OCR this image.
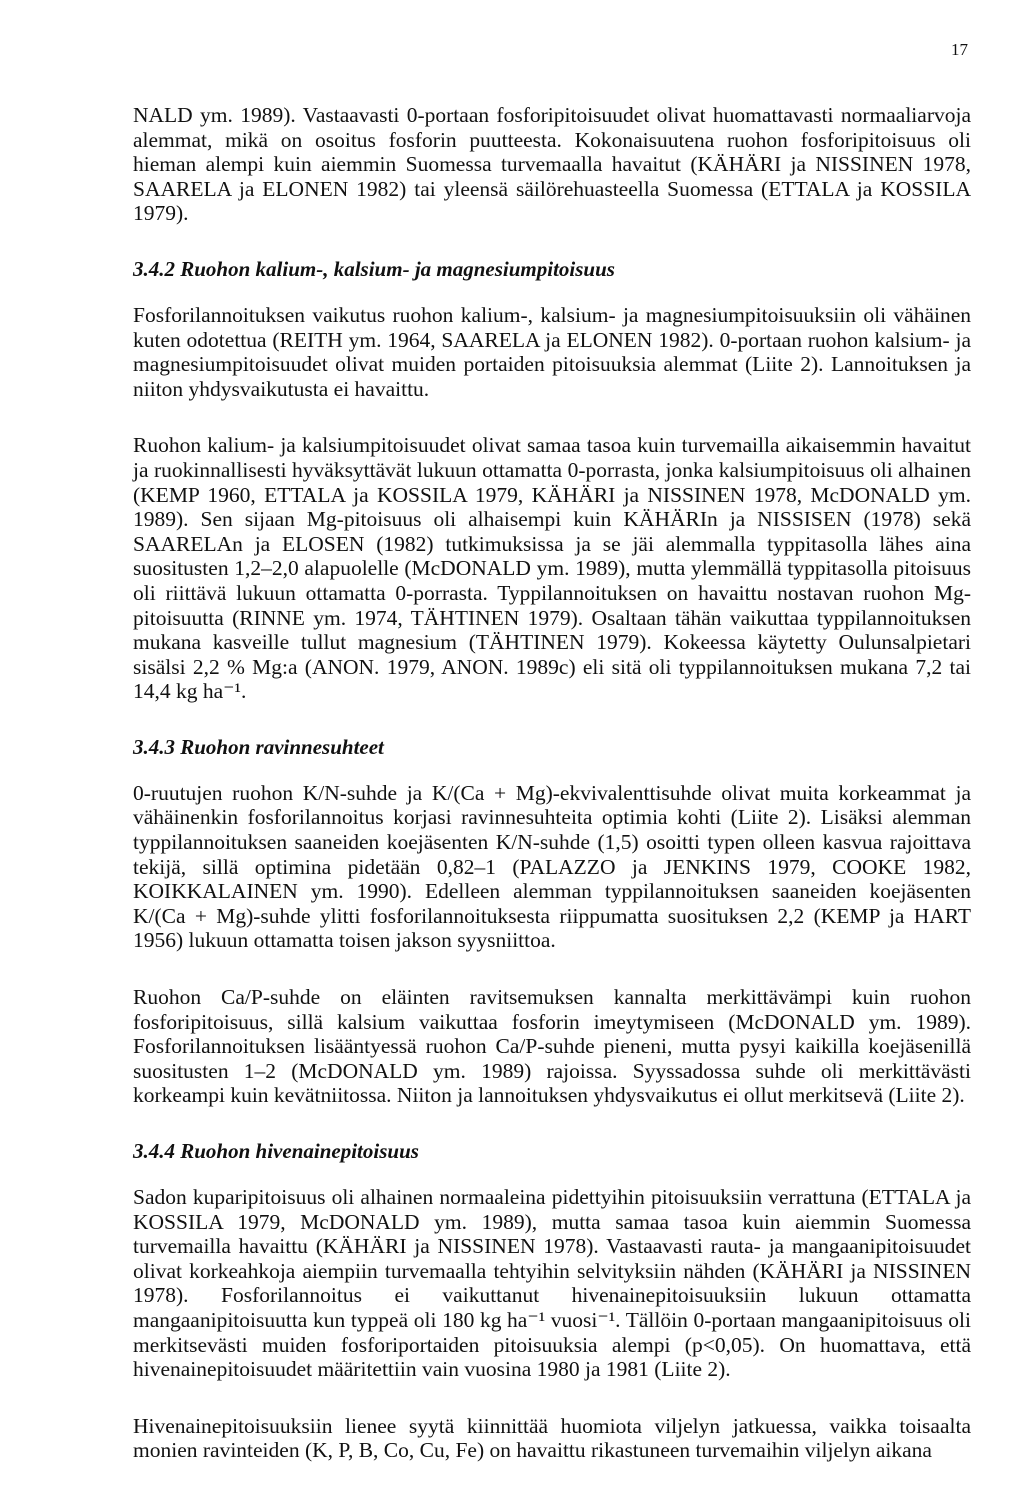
17

NALD ym. 1989). Vastaavasti 0-portaan fosforipitoisuudet olivat huomattavasti normaaliarvoja alemmat, mikä on osoitus fosforin puutteesta. Kokonaisuutena ruohon fosforipitoisuus oli hieman alempi kuin aiemmin Suomessa turvemaalla havaitut (KÄHÄRI ja NISSINEN 1978, SAARELA ja ELONEN 1982) tai yleensä säilörehuasteella Suomessa (ETTALA ja KOSSILA 1979).

3.4.2 Ruohon kalium-, kalsium- ja magnesiumpitoisuus

Fosforilannoituksen vaikutus ruohon kalium-, kalsium- ja magnesiumpitoisuuksiin oli vähäinen kuten odotettua (REITH ym. 1964, SAARELA ja ELONEN 1982). 0-portaan ruohon kalsium- ja magnesiumpitoisuudet olivat muiden portaiden pitoisuuksia alemmat (Liite 2). Lannoituksen ja niiton yhdysvaikutusta ei havaittu.

Ruohon kalium- ja kalsiumpitoisuudet olivat samaa tasoa kuin turvemailla aikaisemmin havaitut ja ruokinnallisesti hyväksyttävät lukuun ottamatta 0-porrasta, jonka kalsiumpitoisuus oli alhainen (KEMP 1960, ETTALA ja KOSSILA 1979, KÄHÄRI ja NISSINEN 1978, McDONALD ym. 1989). Sen sijaan Mg-pitoisuus oli alhaisempi kuin KÄHÄRIn ja NISSISEN (1978) sekä SAARELAn ja ELOSEN (1982) tutkimuksissa ja se jäi alemmalla typpitasolla lähes aina suositusten 1,2–2,0 alapuolelle (McDONALD ym. 1989), mutta ylemmällä typpitasolla pitoisuus oli riittävä lukuun ottamatta 0-porrasta. Typpilannoituksen on havaittu nostavan ruohon Mg-pitoisuutta (RINNE ym. 1974, TÄHTINEN 1979). Osaltaan tähän vaikuttaa typpilannoituksen mukana kasveille tullut magnesium (TÄHTINEN 1979). Kokeessa käytetty Oulunsalpietari sisälsi 2,2 % Mg:a (ANON. 1979, ANON. 1989c) eli sitä oli typpilannoituksen mukana 7,2 tai 14,4 kg ha⁻¹.

3.4.3 Ruohon ravinnesuhteet

0-ruutujen ruohon K/N-suhde ja K/(Ca + Mg)-ekvivalenttisuhde olivat muita korkeammat ja vähäinenkin fosforilannoitus korjasi ravinnesuhteita optimia kohti (Liite 2). Lisäksi alemman typpilannoituksen saaneiden koejäsenten K/N-suhde (1,5) osoitti typen olleen kasvua rajoittava tekijä, sillä optimina pidetään 0,82–1 (PALAZZO ja JENKINS 1979, COOKE 1982, KOIKKALAINEN ym. 1990). Edelleen alemman typpilannoituksen saaneiden koejäsenten K/(Ca + Mg)-suhde ylitti fosforilannoituksesta riippumatta suosituksen 2,2 (KEMP ja HART 1956) lukuun ottamatta toisen jakson syysniittoa.

Ruohon Ca/P-suhde on eläinten ravitsemuksen kannalta merkittävämpi kuin ruohon fosforipitoisuus, sillä kalsium vaikuttaa fosforin imeytymiseen (McDONALD ym. 1989). Fosforilannoituksen lisääntyessä ruohon Ca/P-suhde pieneni, mutta pysyi kaikilla koejäsenillä suositusten 1–2 (McDONALD ym. 1989) rajoissa. Syyssadossa suhde oli merkittävästi korkeampi kuin kevätniitossa. Niiton ja lannoituksen yhdysvaikutus ei ollut merkitsevä (Liite 2).

3.4.4 Ruohon hivenainepitoisuus

Sadon kuparipitoisuus oli alhainen normaaleina pidettyihin pitoisuuksiin verrattuna (ETTALA ja KOSSILA 1979, McDONALD ym. 1989), mutta samaa tasoa kuin aiemmin Suomessa turvemailla havaittu (KÄHÄRI ja NISSINEN 1978). Vastaavasti rauta- ja mangaanipitoisuudet olivat korkeahkoja aiempiin turvemaalla tehtyihin selvityksiin nähden (KÄHÄRI ja NISSINEN 1978). Fosforilannoitus ei vaikuttanut hivenainepitoisuuksiin lukuun ottamatta mangaanipitoisuutta kun typpeä oli 180 kg ha⁻¹ vuosi⁻¹. Tällöin 0-portaan mangaanipitoisuus oli merkitsevästi muiden fosforiportaiden pitoisuuksia alempi (p<0,05). On huomattava, että hivenainepitoisuudet määritettiin vain vuosina 1980 ja 1981 (Liite 2).

Hivenainepitoisuuksiin lienee syytä kiinnittää huomiota viljelyn jatkuessa, vaikka toisaalta monien ravinteiden (K, P, B, Co, Cu, Fe) on havaittu rikastuneen turvemaihin viljelyn aikana
